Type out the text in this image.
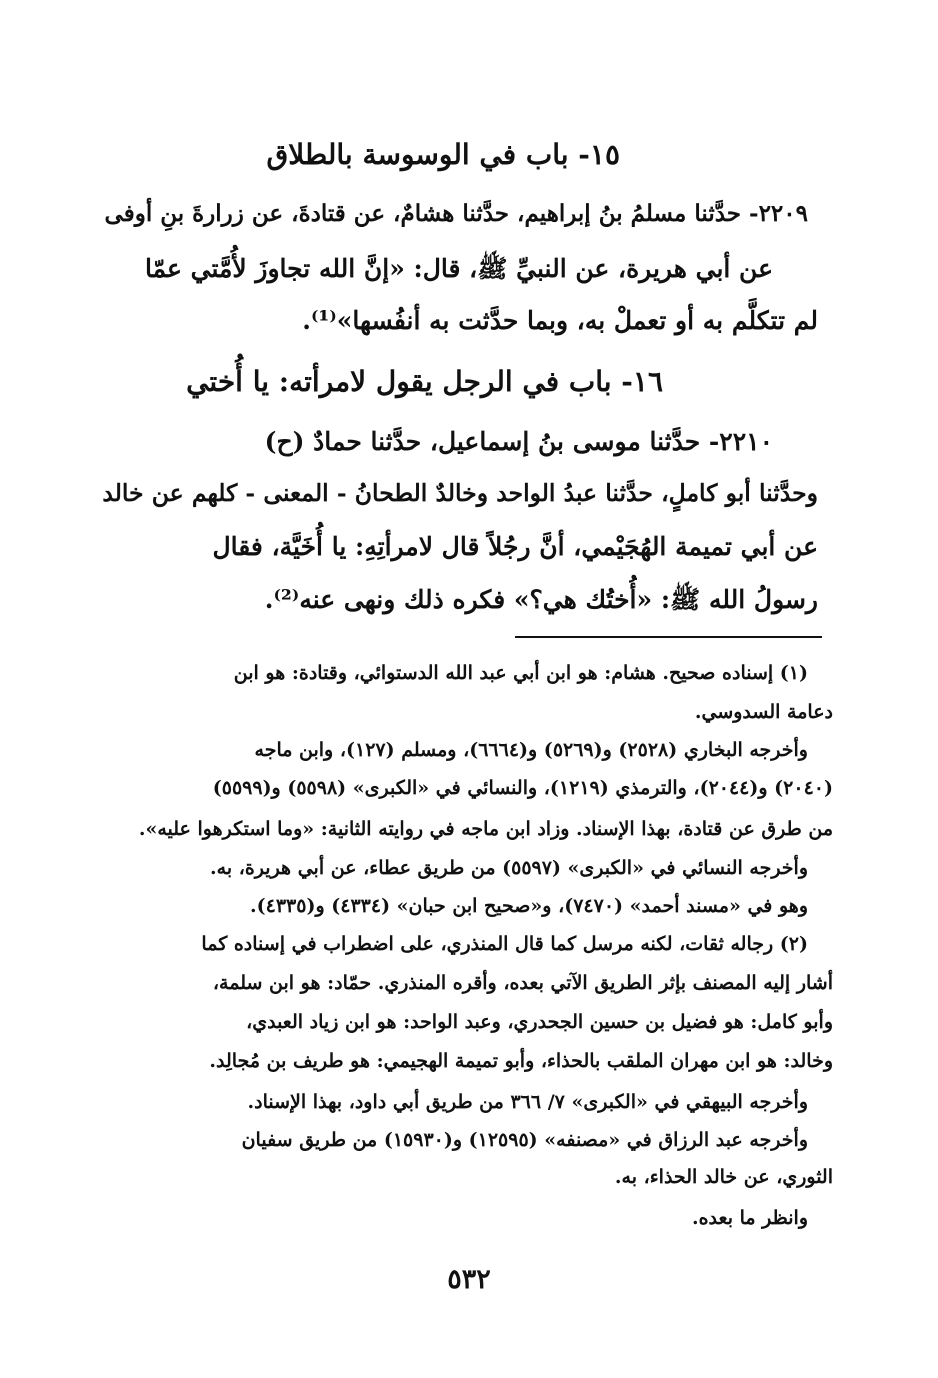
١٥- باب في الوسوسة بالطلاق
٢٢٠٩- حدَّثنا مسلمُ بنُ إبراهيم، حدَّثنا هشامٌ، عن قتادةَ، عن زرارةَ بنِ أوفى
عن أبي هريرة، عن النبيِّ ﷺ، قال: «إنَّ الله تجاوزَ لأُمَّتي عمّا
لم تتكلَّم به أو تعملْ به، وبما حدَّثت به أنفُسها»⁽¹⁾.
١٦- باب في الرجل يقول لامرأته: يا أُختي
٢٢١٠- حدَّثنا موسى بنُ إسماعيل، حدَّثنا حمادٌ (ح)
وحدَّثنا أبو كاملٍ، حدَّثنا عبدُ الواحد وخالدٌ الطحانُ - المعنى - كلهم عن خالد
عن أبي تميمة الهُجَيْمي، أنَّ رجُلاً قال لامرأتِهِ: يا أُخَيَّة، فقال
رسولُ الله ﷺ: «أُختُك هي؟» فكره ذلك ونهى عنه⁽²⁾.
(١) إسناده صحيح. هشام: هو ابن أبي عبد الله الدستوائي، وقتادة: هو ابن
دعامة السدوسي.
وأخرجه البخاري (٢٥٢٨) و(٥٢٦٩) و(٦٦٦٤)، ومسلم (١٢٧)، وابن ماجه
(٢٠٤٠) و(٢٠٤٤)، والترمذي (١٢١٩)، والنسائي في «الكبرى» (٥٥٩٨) و(٥٥٩٩)
من طرق عن قتادة، بهذا الإسناد. وزاد ابن ماجه في روايته الثانية: «وما استكرهوا عليه».
وأخرجه النسائي في «الكبرى» (٥٥٩٧) من طريق عطاء، عن أبي هريرة، به.
وهو في «مسند أحمد» (٧٤٧٠)، و«صحيح ابن حبان» (٤٣٣٤) و(٤٣٣٥).
(٢) رجاله ثقات، لكنه مرسل كما قال المنذري، على اضطراب في إسناده كما
أشار إليه المصنف بإثر الطريق الآتي بعده، وأقره المنذري. حمّاد: هو ابن سلمة،
وأبو كامل: هو فضيل بن حسين الجحدري، وعبد الواحد: هو ابن زياد العبدي،
وخالد: هو ابن مهران الملقب بالحذاء، وأبو تميمة الهجيمي: هو طريف بن مُجالِد.
وأخرجه البيهقي في «الكبرى» ٧/ ٣٦٦ من طريق أبي داود، بهذا الإسناد.
وأخرجه عبد الرزاق في «مصنفه» (١٢٥٩٥) و(١٥٩٣٠) من طريق سفيان
الثوري، عن خالد الحذاء، به.
وانظر ما بعده.
٥٣٢
